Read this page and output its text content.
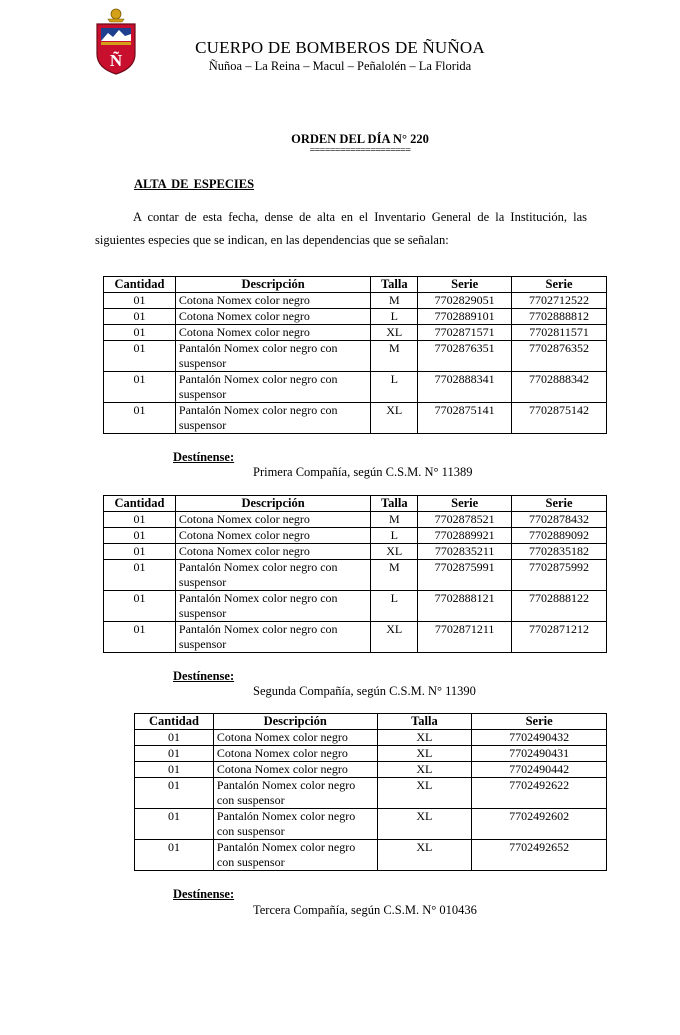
Ñ
CUERPO DE BOMBEROS DE ÑUÑOA
Ñuñoa – La Reina – Macul – Peñalolén – La Florida
ORDEN DEL DÍA N° 220
====================
ALTA DE ESPECIES
A contar de esta fecha, dense de alta en el Inventario General de la Institución, las siguientes especies que se indican, en las dependencias que se señalan:
Cantidad	Descripción	Talla	Serie	Serie
01	Cotona Nomex color negro	M	7702829051	7702712522
01	Cotona Nomex color negro	L	7702889101	7702888812
01	Cotona Nomex color negro	XL	7702871571	7702811571
01	Pantalón Nomex color negro con suspensor	M	7702876351	7702876352
01	Pantalón Nomex color negro con suspensor	L	7702888341	7702888342
01	Pantalón Nomex color negro con suspensor	XL	7702875141	7702875142
Destínense:
Primera Compañía, según C.S.M. N° 11389
Cantidad	Descripción	Talla	Serie	Serie
01	Cotona Nomex color negro	M	7702878521	7702878432
01	Cotona Nomex color negro	L	7702889921	7702889092
01	Cotona Nomex color negro	XL	7702835211	7702835182
01	Pantalón Nomex color negro con suspensor	M	7702875991	7702875992
01	Pantalón Nomex color negro con suspensor	L	7702888121	7702888122
01	Pantalón Nomex color negro con suspensor	XL	7702871211	7702871212
Destínense:
Segunda Compañía, según C.S.M. N° 11390
Cantidad	Descripción	Talla	Serie
01	Cotona Nomex color negro	XL	7702490432
01	Cotona Nomex color negro	XL	7702490431
01	Cotona Nomex color negro	XL	7702490442
01	Pantalón Nomex color negro con suspensor	XL	7702492622
01	Pantalón Nomex color negro con suspensor	XL	7702492602
01	Pantalón Nomex color negro con suspensor	XL	7702492652
Destínense:
Tercera Compañía, según C.S.M. N° 010436
